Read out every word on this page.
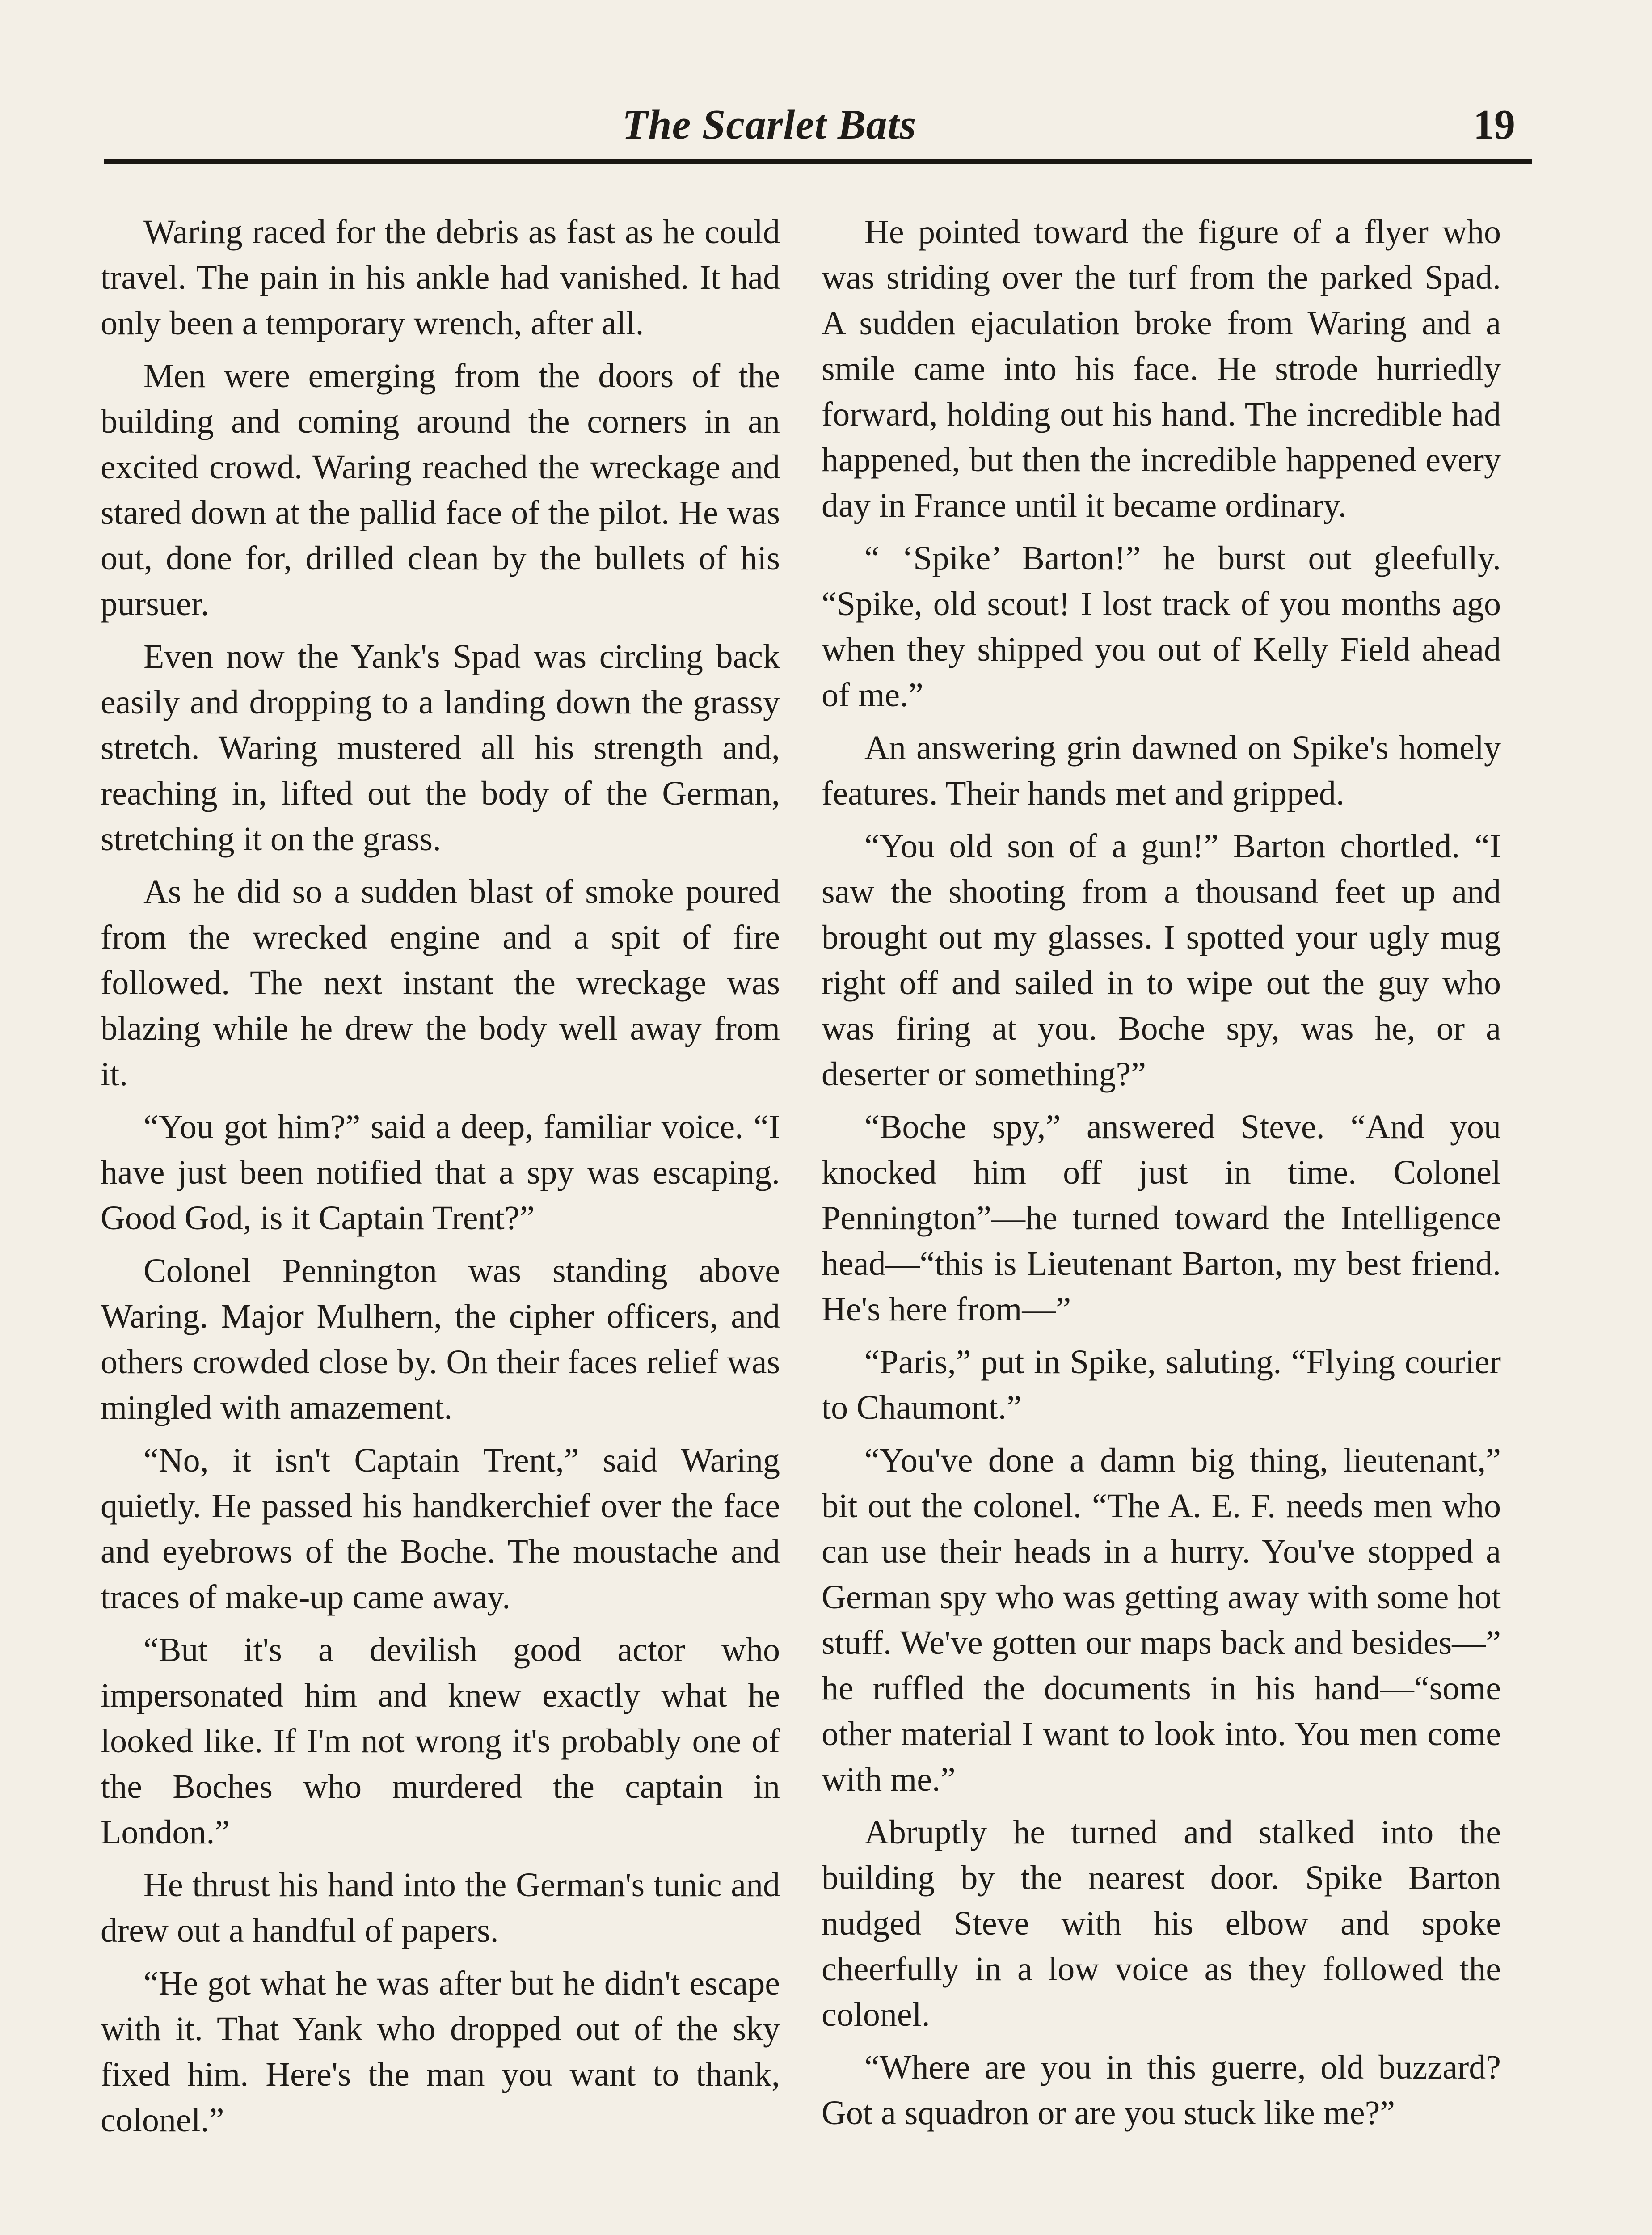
The Scarlet Bats	19

Waring raced for the debris as fast as he could travel. The pain in his ankle had vanished. It had only been a temporary wrench, after all.

Men were emerging from the doors of the building and coming around the corners in an excited crowd. Waring reached the wreckage and stared down at the pallid face of the pilot. He was out, done for, drilled clean by the bullets of his pursuer.

Even now the Yank's Spad was circling back easily and dropping to a landing down the grassy stretch. Waring mustered all his strength and, reaching in, lifted out the body of the German, stretching it on the grass.

As he did so a sudden blast of smoke poured from the wrecked engine and a spit of fire followed. The next instant the wreckage was blazing while he drew the body well away from it.

“You got him?” said a deep, familiar voice. “I have just been notified that a spy was escaping. Good God, is it Captain Trent?”

Colonel Pennington was standing above Waring. Major Mulhern, the cipher officers, and others crowded close by. On their faces relief was mingled with amazement.

“No, it isn't Captain Trent,” said Waring quietly. He passed his handkerchief over the face and eyebrows of the Boche. The moustache and traces of make-up came away.

“But it's a devilish good actor who impersonated him and knew exactly what he looked like. If I'm not wrong it's probably one of the Boches who murdered the captain in London.”

He thrust his hand into the German's tunic and drew out a handful of papers.

“He got what he was after but he didn't escape with it. That Yank who dropped out of the sky fixed him. Here's the man you want to thank, colonel.”

He pointed toward the figure of a flyer who was striding over the turf from the parked Spad. A sudden ejaculation broke from Waring and a smile came into his face. He strode hurriedly forward, holding out his hand. The incredible had happened, but then the incredible happened every day in France until it became ordinary.

“ ‘Spike’ Barton!” he burst out gleefully. “Spike, old scout! I lost track of you months ago when they shipped you out of Kelly Field ahead of me.”

An answering grin dawned on Spike's homely features. Their hands met and gripped.

“You old son of a gun!” Barton chortled. “I saw the shooting from a thousand feet up and brought out my glasses. I spotted your ugly mug right off and sailed in to wipe out the guy who was firing at you. Boche spy, was he, or a deserter or something?”

“Boche spy,” answered Steve. “And you knocked him off just in time. Colonel Pennington”—he turned toward the Intelligence head—“this is Lieutenant Barton, my best friend. He's here from—”

“Paris,” put in Spike, saluting. “Flying courier to Chaumont.”

“You've done a damn big thing, lieutenant,” bit out the colonel. “The A. E. F. needs men who can use their heads in a hurry. You've stopped a German spy who was getting away with some hot stuff. We've gotten our maps back and besides—” he ruffled the documents in his hand—“some other material I want to look into. You men come with me.”

Abruptly he turned and stalked into the building by the nearest door. Spike Barton nudged Steve with his elbow and spoke cheerfully in a low voice as they followed the colonel.

“Where are you in this guerre, old buzzard? Got a squadron or are you stuck like me?”
